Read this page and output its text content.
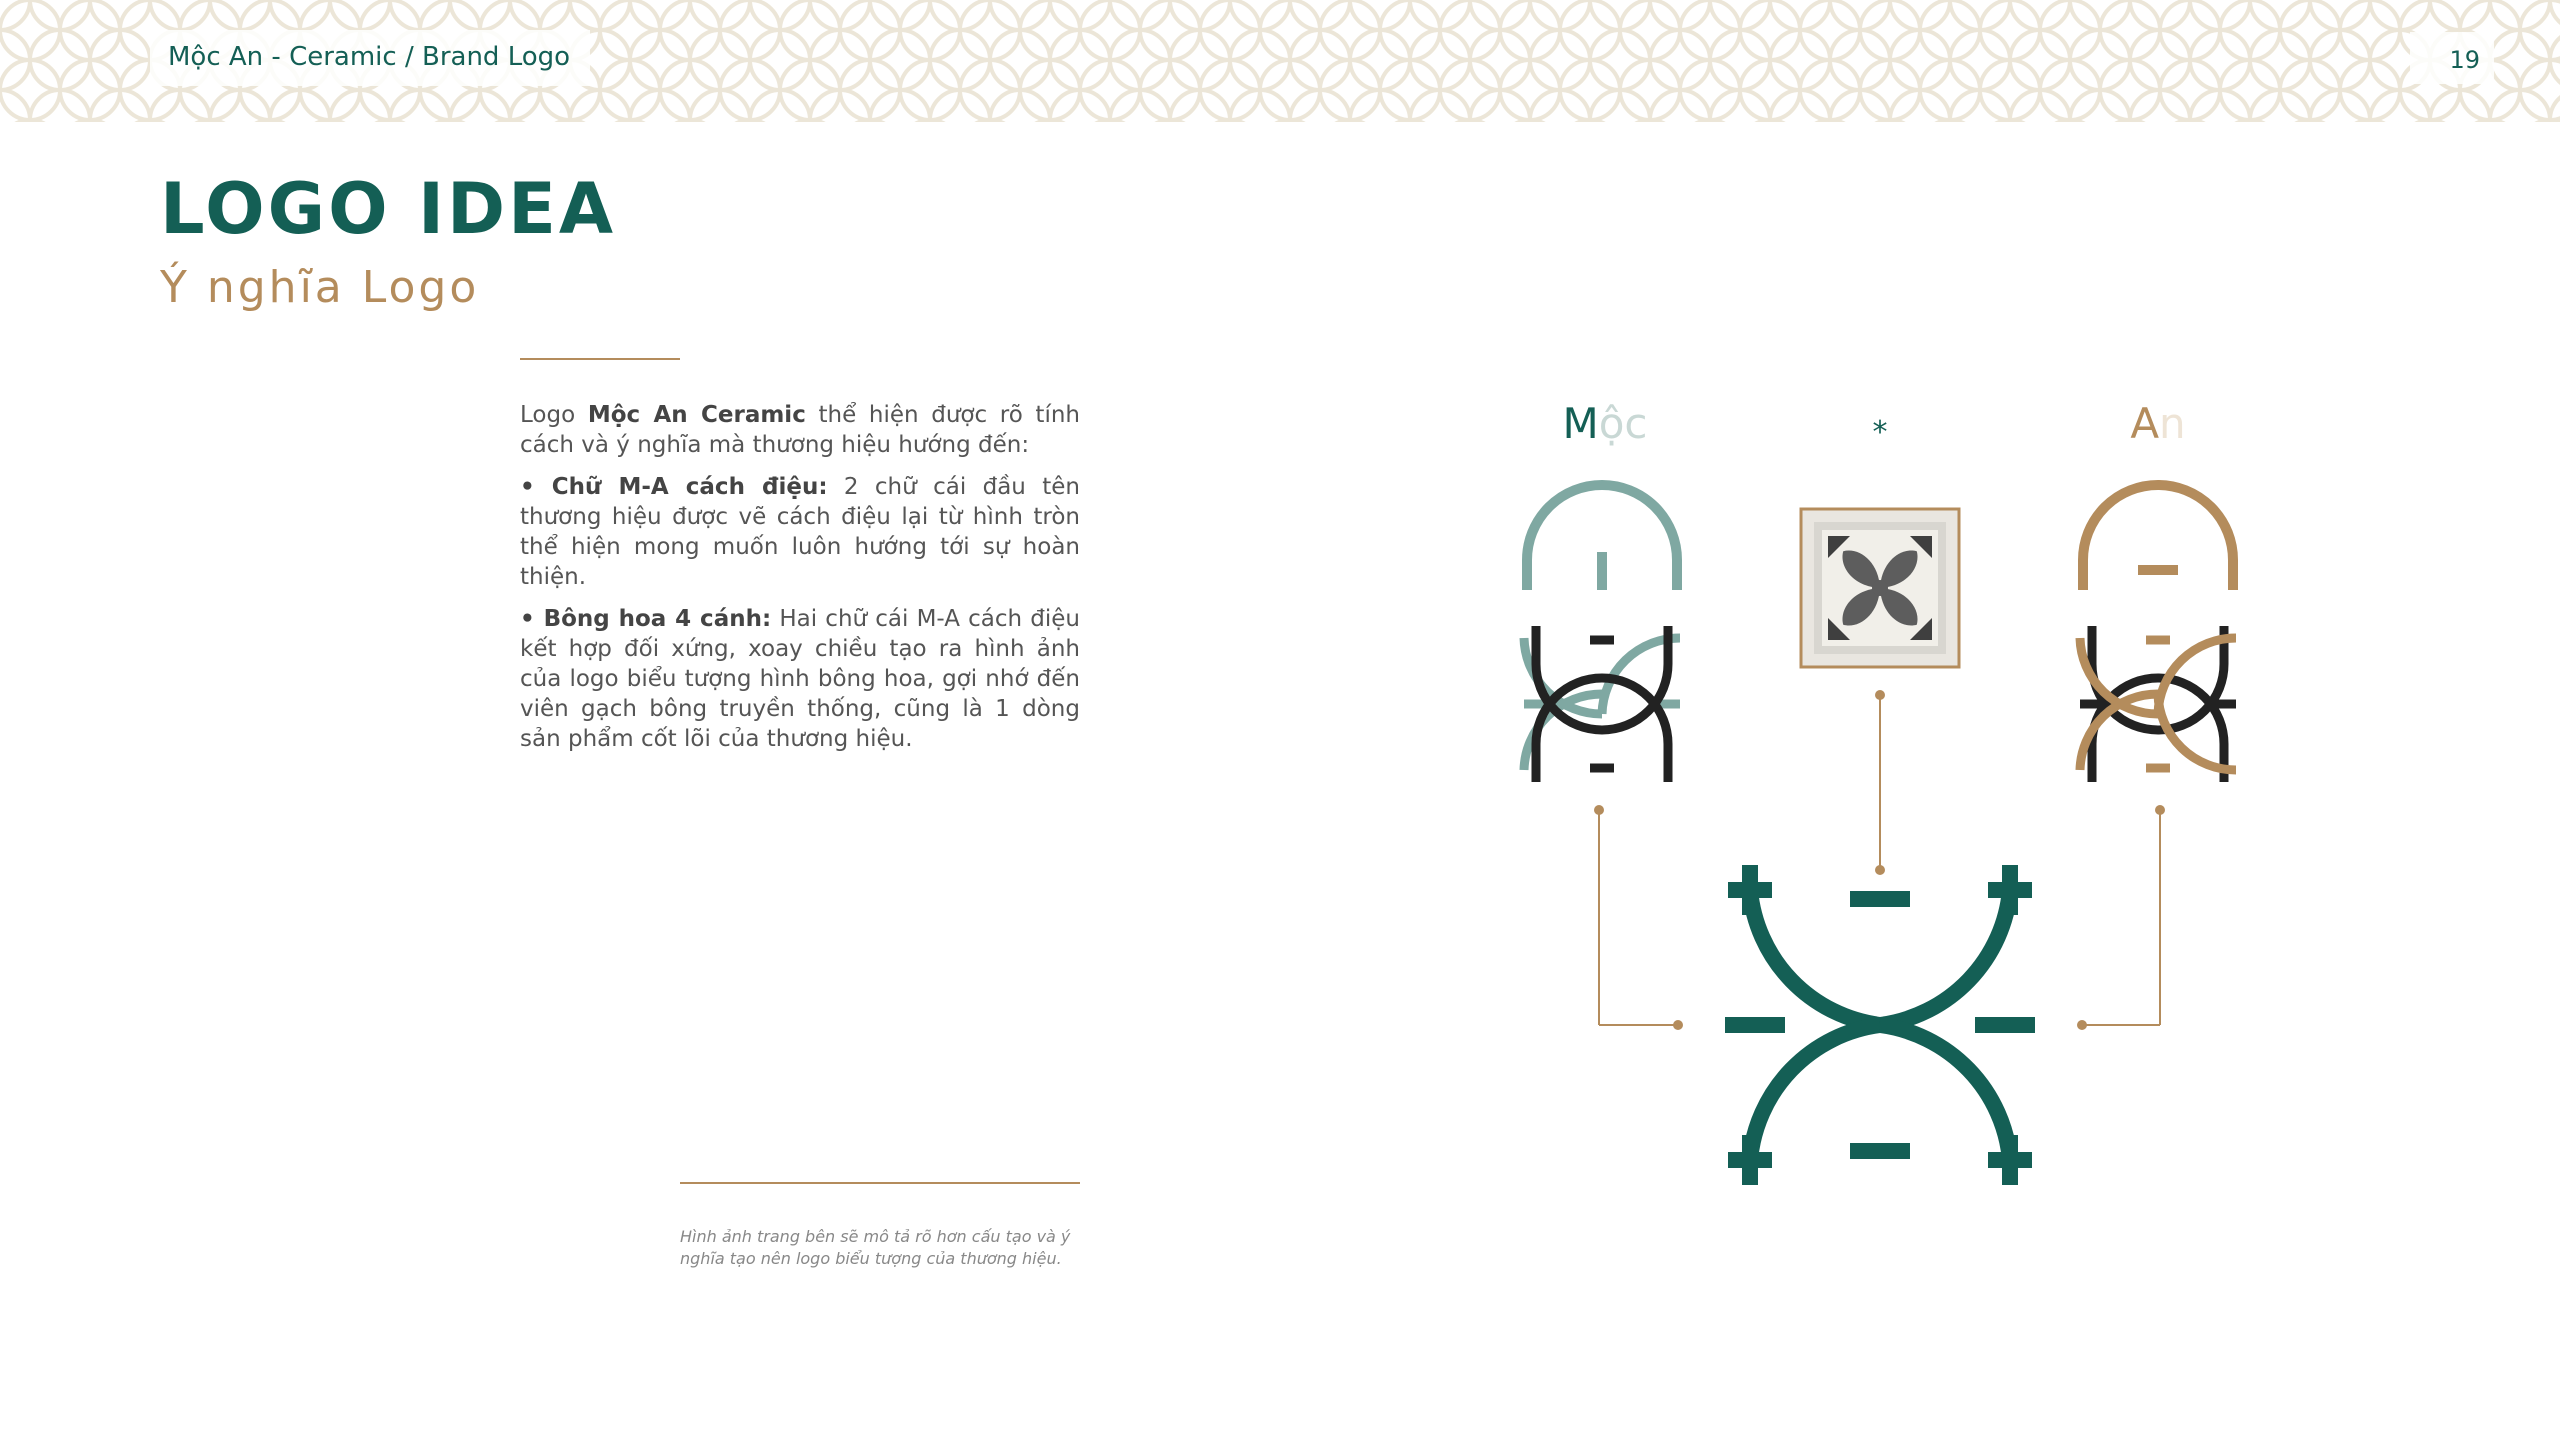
Mộc An - Ceramic / Brand Logo	19
LOGO IDEA
Ý nghĩa Logo

Logo Mộc An Ceramic thể hiện được rõ tính cách và ý nghĩa mà thương hiệu hướng đến:

• Chữ M-A cách điệu: 2 chữ cái đầu tên thương hiệu được vẽ cách điệu lại từ hình tròn thể hiện mong muốn luôn hướng tới sự hoàn thiện.

• Bông hoa 4 cánh: Hai chữ cái M-A cách điệu kết hợp đối xứng, xoay chiều tạo ra hình ảnh của logo biểu tượng hình bông hoa, gợi nhớ đến viên gạch bông truyền thống, cũng là 1 dòng sản phẩm cốt lõi của thương hiệu.

Hình ảnh trang bên sẽ mô tả rõ hơn cấu tạo và ý nghĩa tạo nên logo biểu tượng của thương hiệu.
Mộc	*	An
